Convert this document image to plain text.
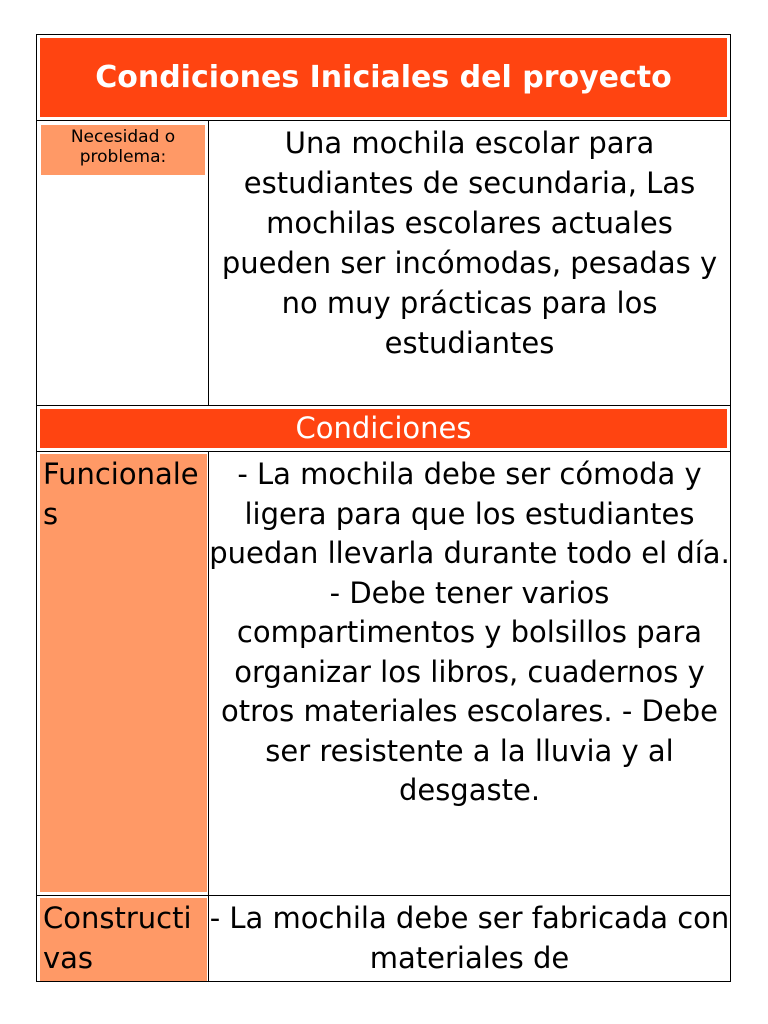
Condiciones Iniciales del proyecto
Necesidad o problema:	Una mochila escolar para estudiantes de secundaria, Las mochilas escolares actuales pueden ser incómodas, pesadas y no muy prácticas para los estudiantes
Condiciones
Funcionales
- La mochila debe ser cómoda y ligera para que los estudiantes puedan llevarla durante todo el día. - Debe tener varios compartimentos y bolsillos para organizar los libros, cuadernos y otros materiales escolares. - Debe ser resistente a la lluvia y al desgaste.
Constructivas
- La mochila debe ser fabricada con materiales de
